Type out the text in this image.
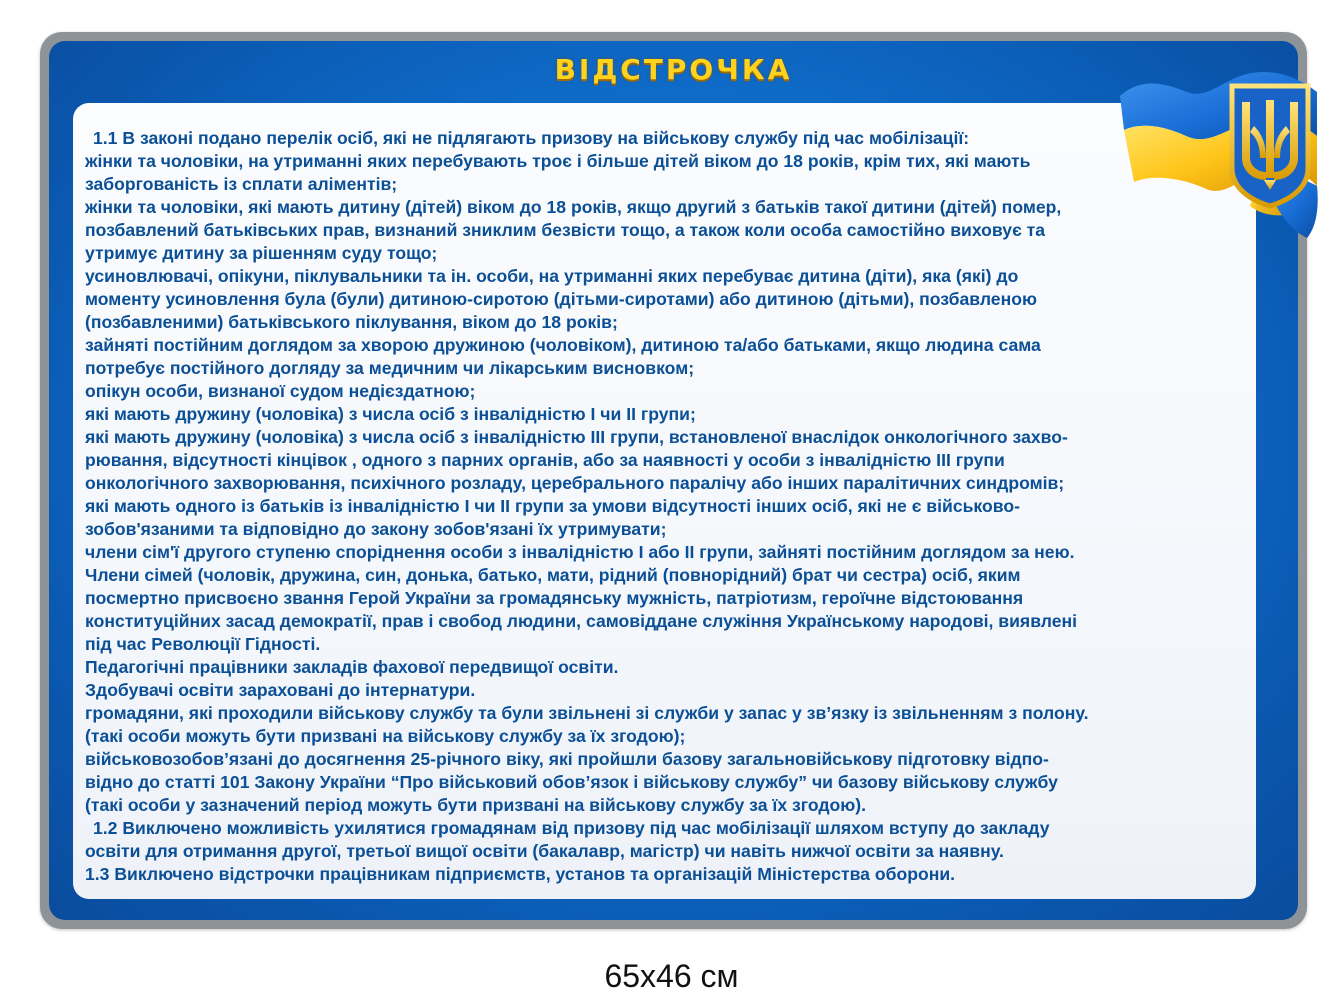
ВІДСТРОЧКА
1.1 В законі подано перелік осіб, які не підлягають призову на військову службу під час мобілізації:
жінки та чоловіки, на утриманні яких перебувають троє і більше дітей віком до 18 років, крім тих, які мають
заборгованість із сплати аліментів;
жінки та чоловіки, які мають дитину (дітей) віком до 18 років, якщо другий з батьків такої дитини (дітей) помер,
позбавлений батьківських прав, визнаний зниклим безвісти тощо, а також коли особа самостійно виховує та
утримує дитину за рішенням суду тощо;
усиновлювачі, опікуни, піклувальники та ін. особи, на утриманні яких перебуває дитина (діти), яка (які) до
моменту усиновлення була (були) дитиною-сиротою (дітьми-сиротами) або дитиною (дітьми), позбавленою
(позбавленими) батьківського піклування, віком до 18 років;
зайняті постійним доглядом за хворою дружиною (чоловіком), дитиною та/або батьками, якщо людина сама
потребує постійного догляду за медичним чи лікарським висновком;
опікун особи, визнаної судом недієздатною;
які мають дружину (чоловіка) з числа осіб з інвалідністю І чи ІІ групи;
які мають дружину (чоловіка) з числа осіб з інвалідністю ІІІ групи, встановленої внаслідок онкологічного захво-
рювання, відсутності кінцівок , одного з парних органів, або за наявності у особи з інвалідністю ІІІ групи
онкологічного захворювання, психічного розладу, церебрального паралічу або інших паралітичних синдромів;
які мають одного із батьків із інвалідністю І чи ІІ групи за умови відсутності інших осіб, які не є військово-
зобов'язаними та відповідно до закону зобов'язані їх утримувати;
члени сім'ї другого ступеню споріднення особи з інвалідністю І або ІІ групи, зайняті постійним доглядом за нею.
Члени сімей (чоловік, дружина, син, донька, батько, мати, рідний (повнорідний) брат чи сестра) осіб, яким
посмертно присвоєно звання Герой України за громадянську мужність, патріотизм, героїчне відстоювання
конституційних засад демократії, прав і свобод людини, самовіддане служіння Українському народові, виявлені
під час Революції Гідності.
Педагогічні працівники закладів фахової передвищої освіти.
Здобувачі освіти зараховані до інтернатури.
громадяни, які проходили військову службу та були звільнені зі служби у запас у зв’язку із звільненням з полону.
(такі особи можуть бути призвані на військову службу за їх згодою);
військовозобов’язані до досягнення 25-річного віку, які пройшли базову загальновійськову підготовку відпо-
відно до статті 101 Закону України “Про військовий обов’язок і військову службу” чи базову військову службу
(такі особи у зазначений період можуть бути призвані на військову службу за їх згодою).
1.2 Виключено можливість ухилятися громадянам від призову під час мобілізації шляхом вступу до закладу
освіти для отримання другої, третьої вищої освіти (бакалавр, магістр) чи навіть нижчої освіти за наявну.
1.3 Виключено відстрочки працівникам підприємств, установ та організацій Міністерства оборони.

65х46 см
